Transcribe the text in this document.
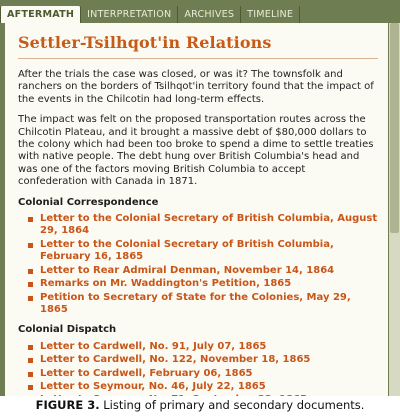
AFTERMATH	INTERPRETATION	ARCHIVES	TIMELINE
Settler-Tsilhqot'in Relations

After the trials the case was closed, or was it? The townsfolk and ranchers on the borders of Tsilhqot'in territory found that the impact of the events in the Chilcotin had long-term effects.

The impact was felt on the proposed transportation routes across the Chilcotin Plateau, and it brought a massive debt of $80,000 dollars to the colony which had been too broke to spend a dime to settle treaties with native people. The debt hung over British Columbia's head and was one of the factors moving British Columbia to accept confederation with Canada in 1871.

Colonial Correspondence
Letter to the Colonial Secretary of British Columbia, August 29, 1864
Letter to the Colonial Secretary of British Columbia, February 16, 1865
Letter to Rear Admiral Denman, November 14, 1864
Remarks on Mr. Waddington's Petition, 1865
Petition to Secretary of State for the Colonies, May 29, 1865
Colonial Dispatch
Letter to Cardwell, No. 91, July 07, 1865
Letter to Cardwell, No. 122, November 18, 1865
Letter to Cardwell, February 06, 1865
Letter to Seymour, No. 46, July 22, 1865
FIGURE 3. Listing of primary and secondary documents.
